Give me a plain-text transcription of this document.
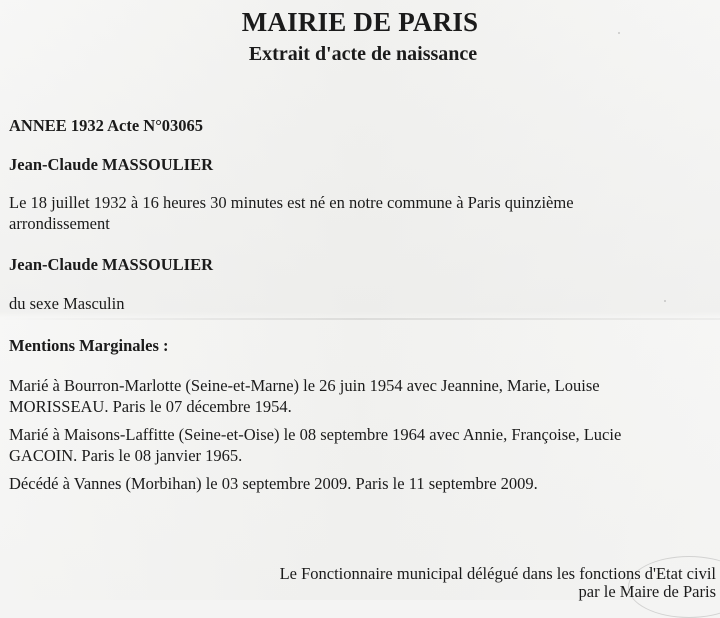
MAIRIE DE PARIS
Extrait d'acte de naissance

ANNEE 1932 Acte N°03065

Jean-Claude MASSOULIER

Le 18 juillet 1932 à 16 heures 30 minutes est né en notre commune à Paris quinzième

arrondissement

Jean-Claude MASSOULIER

du sexe Masculin

Mentions Marginales :

Marié à Bourron-Marlotte (Seine-et-Marne) le 26 juin 1954 avec Jeannine, Marie, Louise

MORISSEAU. Paris le 07 décembre 1954.

Marié à Maisons-Laffitte (Seine-et-Oise) le 08 septembre 1964 avec Annie, Françoise, Lucie

GACOIN. Paris le 08 janvier 1965.

Décédé à Vannes (Morbihan) le 03 septembre 2009. Paris le 11 septembre 2009.

Le Fonctionnaire municipal délégué dans les fonctions d'Etat civil

par le Maire de Paris
